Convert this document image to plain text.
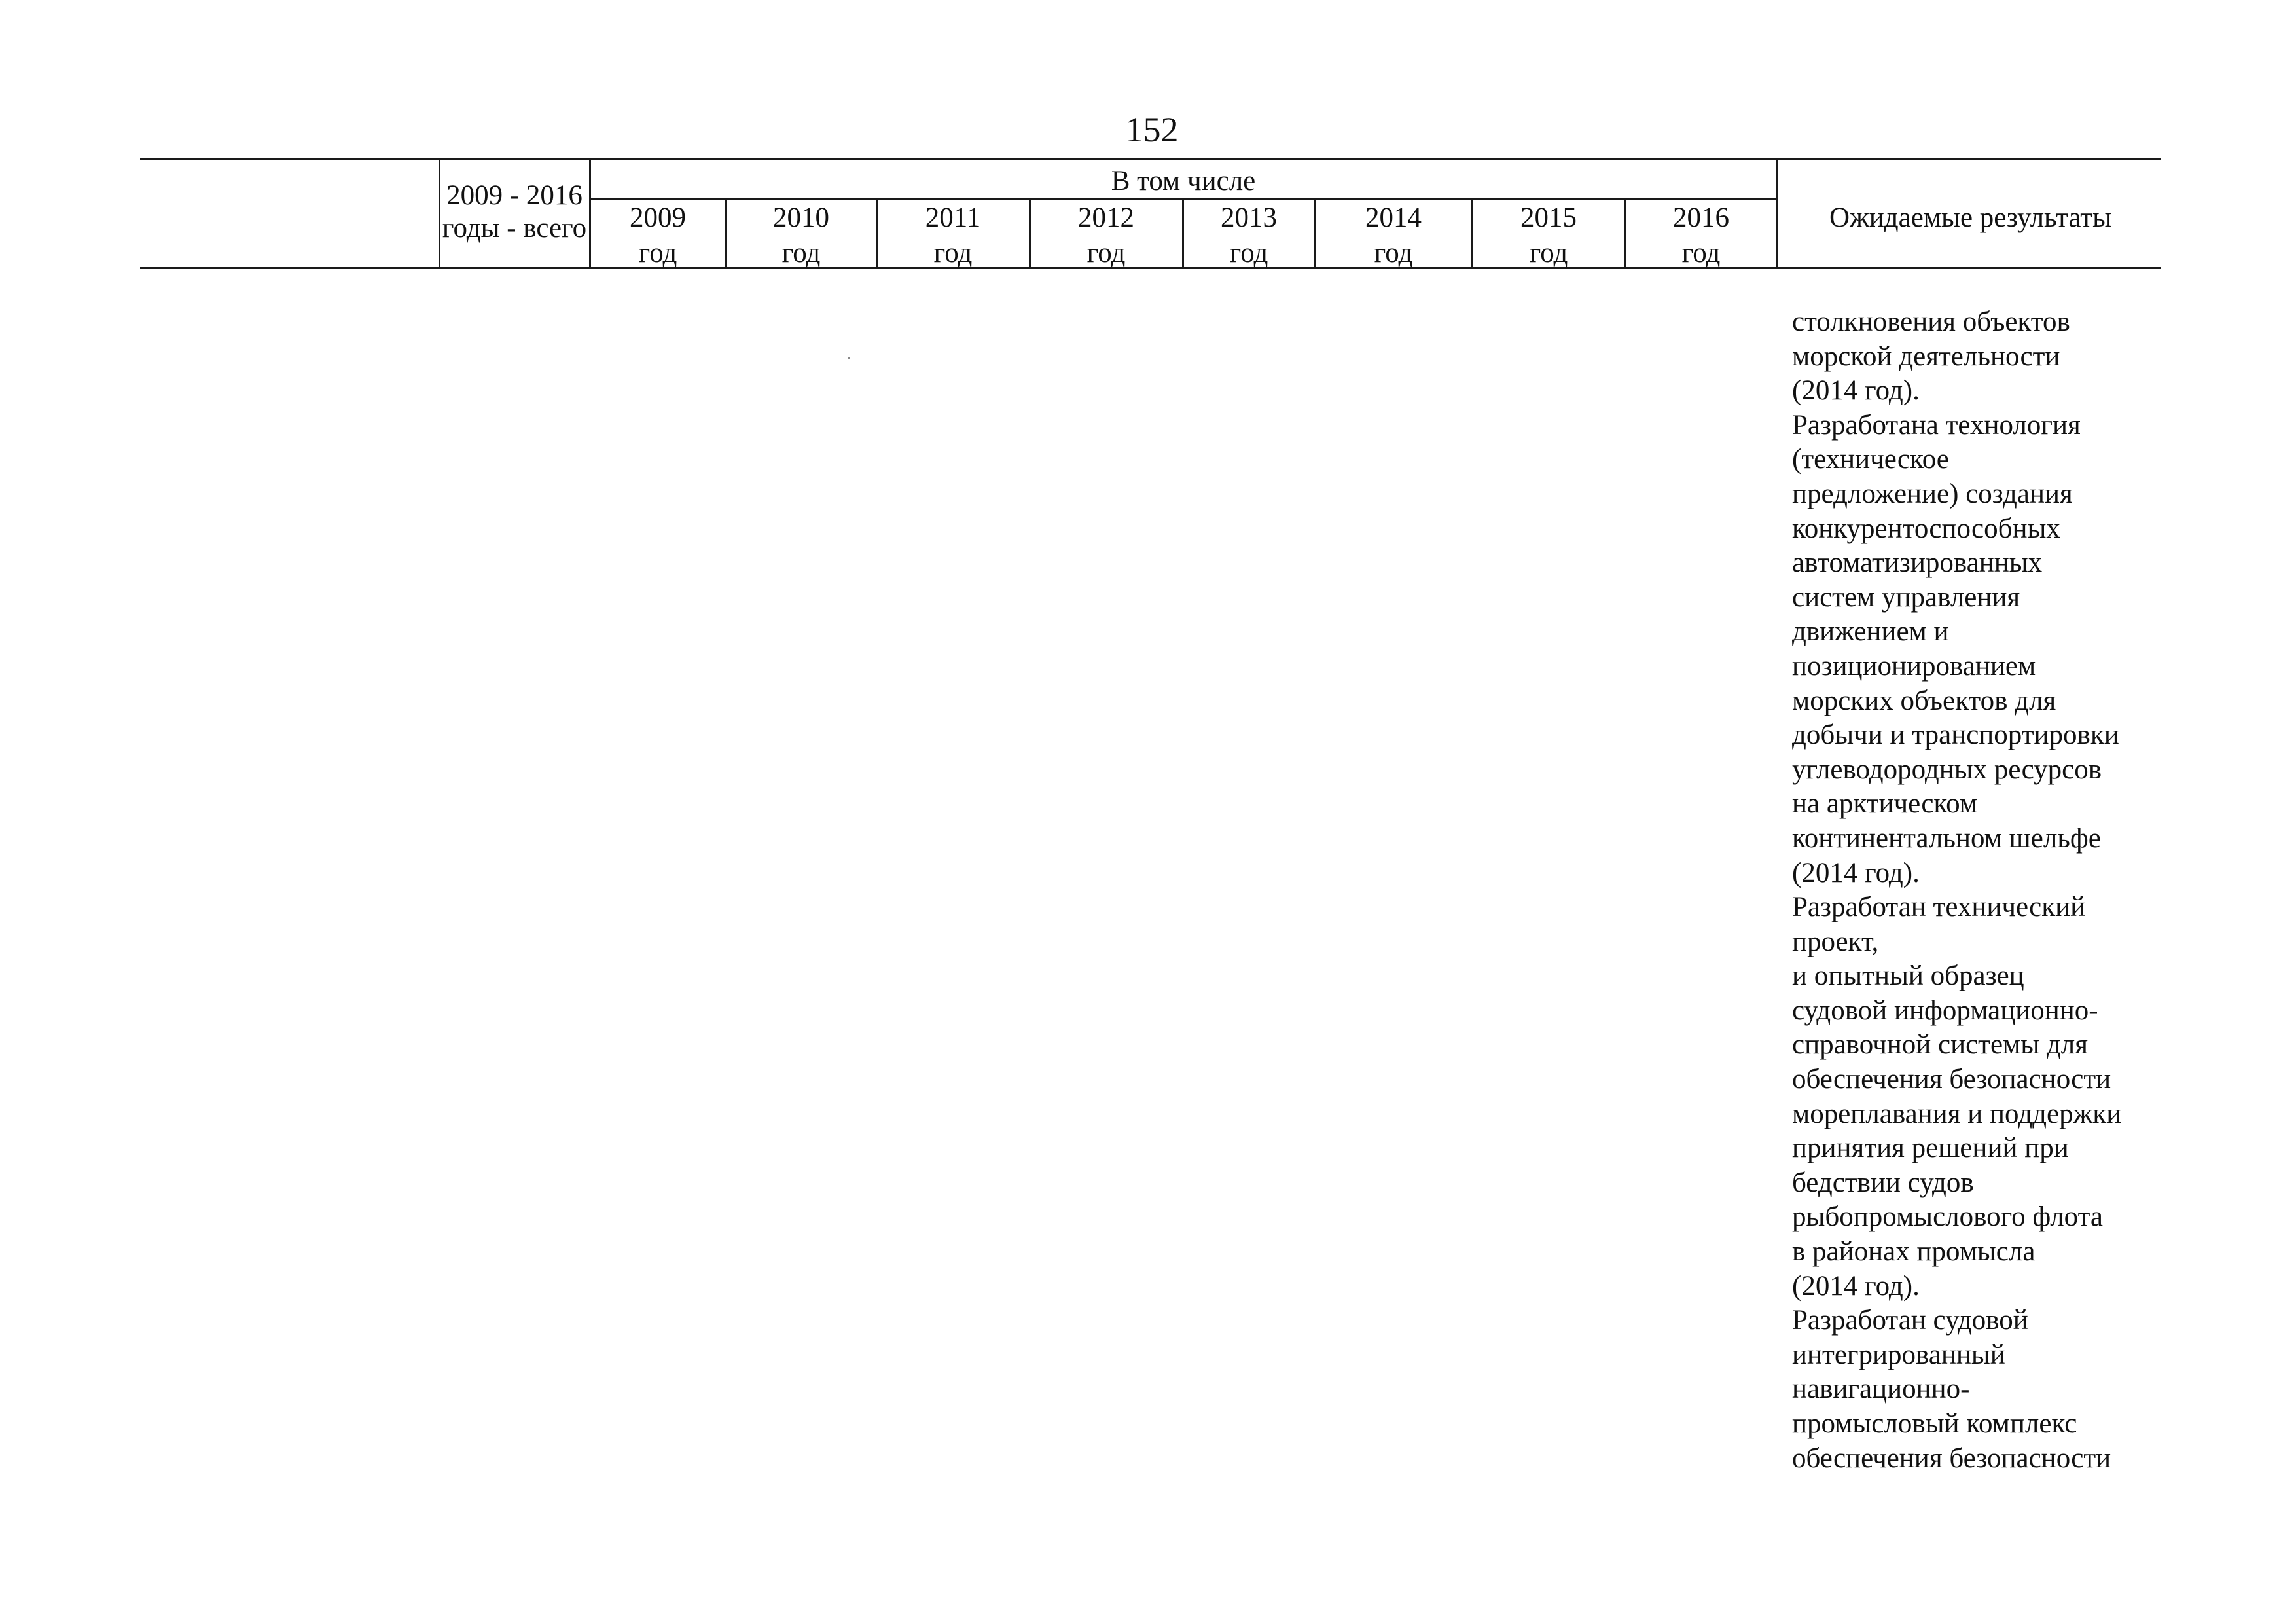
152
2009 - 2016
годы - всего
В том числе
2009
год
2010
год
2011
год
2012
год
2013
год
2014
год
2015
год
2016
год
Ожидаемые результаты

столкновения объектов
морской деятельности
(2014 год).
Разработана технология
(техническое
предложение) создания
конкурентоспособных
автоматизированных
систем управления
движением и
позиционированием
морских объектов для
добычи и транспортировки
углеводородных ресурсов
на арктическом
континентальном шельфе
(2014 год).
Разработан технический
проект,
и опытный образец
судовой информационно-
справочной системы для
обеспечения безопасности
мореплавания и поддержки
принятия решений при
бедствии судов
рыбопромыслового флота
в районах промысла
(2014 год).
Разработан судовой
интегрированный
навигационно-
промысловый комплекс
обеспечения безопасности
